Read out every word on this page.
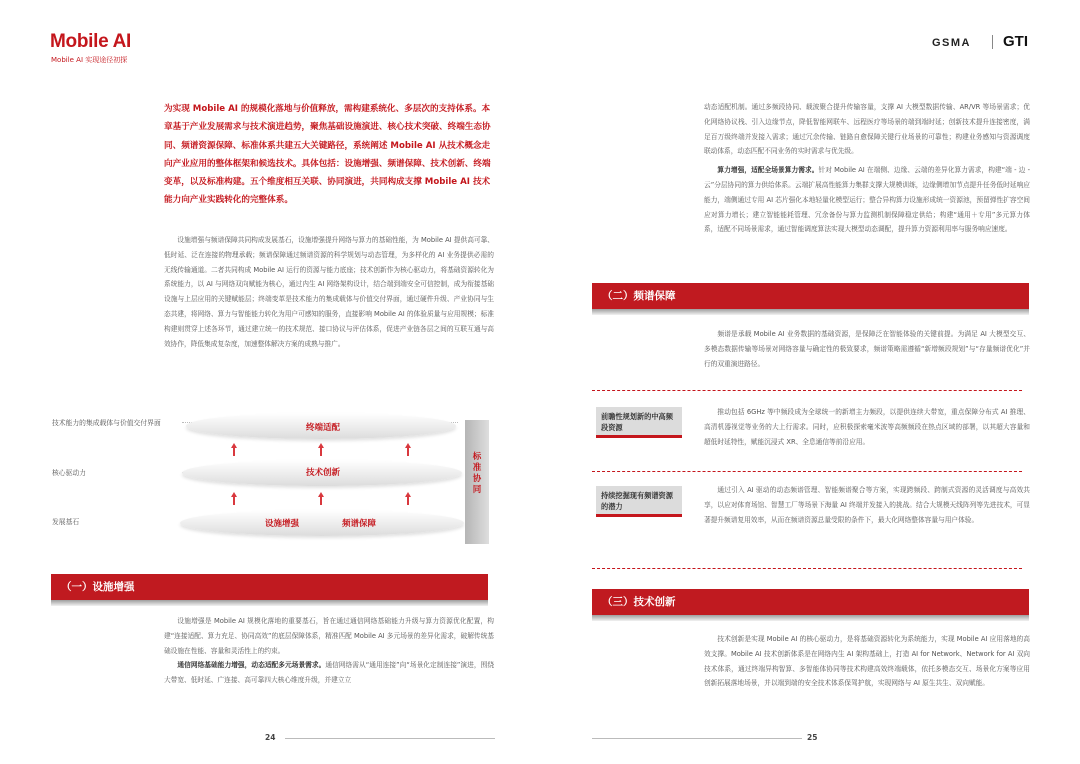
Mobile AI
Mobile AI 实现途径初探
GSMA GTI
为实现 Mobile AI 的规模化落地与价值释放，需构建系统化、多层次的支持体系。本章基于产业发展需求与技术演进趋势，聚焦基础设施演进、核心技术突破、终端生态协同、频谱资源保障、标准体系共建五大关键路径，系统阐述 Mobile AI 从技术概念走向产业应用的整体框架和候选技术。具体包括：设施增强、频谱保障、技术创新、终端变革，以及标准构建。五个维度相互关联、协同演进，共同构成支撑 Mobile AI 技术能力向产业实践转化的完整体系。

设施增强与频谱保障共同构成发展基石，设施增强提升网络与算力的基础性能，为 Mobile AI 提供高可靠、低时延、泛在连接的物理承载；频谱保障通过频谱资源的科学规划与动态管理，为多样化的 AI 业务提供必需的无线传输通道。二者共同构成 Mobile AI 运行的资源与能力底座；技术创新作为核心驱动力，将基础资源转化为系统能力，以 AI 与网络双向赋能为核心，通过内生 AI 网络架构设计，结合端到端安全可信控制，成为衔接基础设施与上层应用的关键赋能层；终端变革是技术能力的集成载体与价值交付界面，通过硬件升级、产业协同与生态共建，将网络、算力与智能能力转化为用户可感知的服务，直接影响 Mobile AI 的体验质量与应用规模；标准构建则贯穿上述各环节，通过建立统一的技术规范、接口协议与评估体系，促进产业链各层之间的互联互通与高效协作，降低集成复杂度，加速整体解决方案的成熟与推广。

技术能力的集成载体与价值交付界面
核心驱动力
发展基石
终端适配
技术创新
设施增强	频谱保障
标准协同
（一）设施增强

设施增强是 Mobile AI 规模化落地的重要基石，旨在通过通信网络基础能力升级与算力资源优化配置，构建“连接适配、算力充足、协同高效”的底层保障体系，精准匹配 Mobile AI 多元场景的差异化需求，破解传统基础设施在性能、容量和灵活性上的约束。

通信网络基础能力增强，动态适配多元场景需求。通信网络需从“通用连接”向“场景化定制连接”演进，围绕大带宽、低时延、广连接、高可靠四大核心维度升级，并建立立

动态适配机制。通过多频段协同、载波聚合提升传输容量，支撑 AI 大模型数据传输、AR/VR 等场景需求；优化网络协议栈、引入边缘节点，降低智能网联车、远程医疗等场景的端到端时延；创新技术提升连接密度，满足百万级终端并发接入需求；通过冗余传输、链路自愈保障关键行业场景的可靠性；构建业务感知与资源调度联动体系，动态匹配不同业务的实时需求与优先级。

算力增强，适配全场景算力需求。针对 Mobile AI 在端侧、边缘、云端的差异化算力需求，构建“端 - 边 - 云”分层协同的算力供给体系。云端扩展高性能算力集群支撑大规模训练，边缘侧增加节点提升任务低时延响应能力，端侧通过专用 AI 芯片强化本地轻量化模型运行；整合异构算力设施形成统一资源池，预留弹性扩容空间应对算力增长；建立智能能耗管理、冗余备份与算力监测机制保障稳定供给；构建“通用＋专用”多元算力体系，适配不同场景需求，通过智能调度算法实现大模型动态调配，提升算力资源利用率与服务响应速度。

（二）频谱保障

频谱是承载 Mobile AI 业务数据的基础资源，是保障泛在智能体验的关键前提。为满足 AI 大模型交互、多模态数据传输等场景对网络容量与确定性的极致要求，频谱策略需遵循“新增频段规划”与“存量频谱优化”并行的双重演进路径。

前瞻性规划新的中高频段资源

推动包括 6GHz 等中频段成为全球统一的新增主力频段，以提供连续大带宽，重点保障分布式 AI 推理、高清机器视觉等业务的大上行需求。同时，应积极探索毫米波等高频频段在热点区域的部署，以其超大容量和超低时延特性，赋能沉浸式 XR、全息通信等前沿应用。

持续挖掘现有频谱资源的潜力

通过引入 AI 驱动的动态频谱管理、智能频谱聚合等方案，实现跨频段、跨制式资源的灵活调度与高效共享，以应对体育场馆、智慧工厂等场景下海量 AI 终端并发接入的挑战。结合大规模天线阵列等先进技术，可显著提升频谱复用效率，从而在频谱资源总量受限的条件下，最大化网络整体容量与用户体验。

（三）技术创新

技术创新是实现 Mobile AI 的核心驱动力，是将基础资源转化为系统能力，实现 Mobile AI 应用落地的高效支撑。Mobile AI 技术创新体系是在网络内生 AI 架构基础上，打造 AI for Network、Network for AI 双向技术体系，通过终端异构智算、多智能体协同等技术构建高效终端载体，依托多模态交互、场景化方案等应用创新拓展落地场景，并以端到端的安全技术体系保驾护航，实现网络与 AI 原生共生、双向赋能。

24	25
